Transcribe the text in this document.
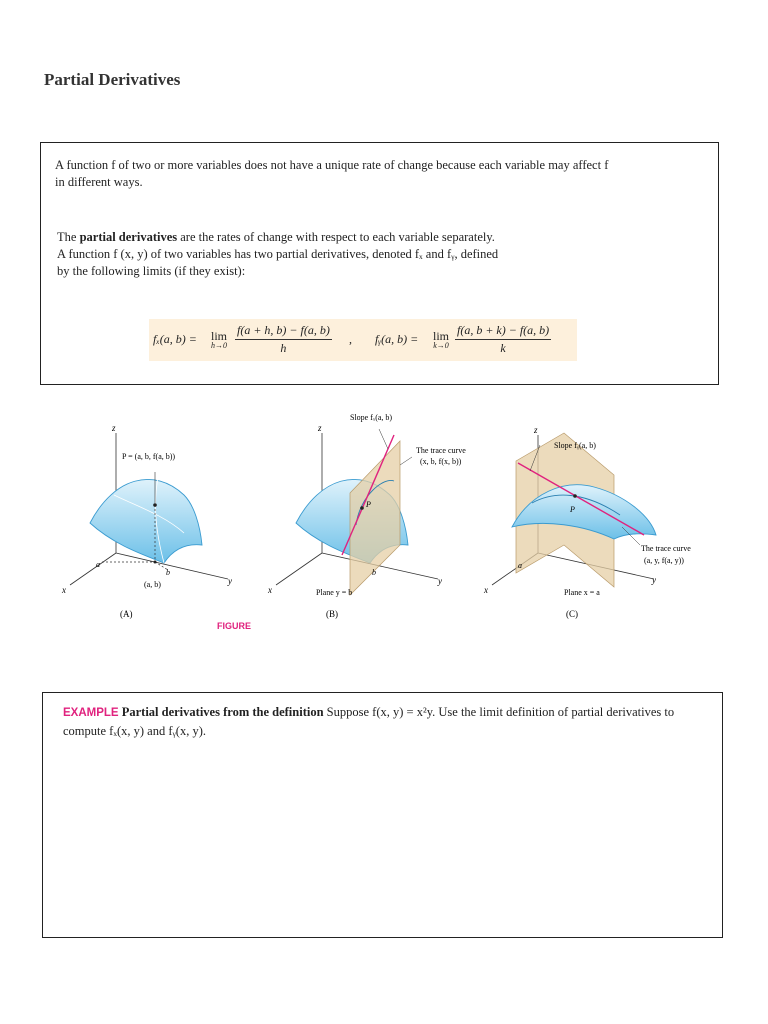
Partial Derivatives

A function f of two or more variables does not have a unique rate of change because each variable may affect f

in different ways.

The partial derivatives are the rates of change with respect to each variable separately.

A function f (x, y) of two variables has two partial derivatives, denoted fₓ and fᵧ, defined

by the following limits (if they exist):

fₓ(a, b) = lim
$h\to 0 \frac{f(a + h, b) - f(a, b)}{h}$ , fᵧ(a, b) = lim
$k\to 0 \frac{f(a, b + k) - f(a, b)}{k}$
z
x
y
a
b
P = (a, b, f(a, b))
(a, b)
(A)
z
x
y
b
P
Slope fₓ(a, b)
The trace curve
(x, b, f(x, b))
Plane y = b
(B)
z
x
y
a
P
Slope fᵧ(a, b)
The trace curve
(a, y, f(a, y))
Plane x = a
(C)
FIGURE
EXAMPLE Partial derivatives from the definition Suppose f(x, y) = x²y. Use the limit definition of partial derivatives to
compute fₓ(x, y) and fᵧ(x, y).
